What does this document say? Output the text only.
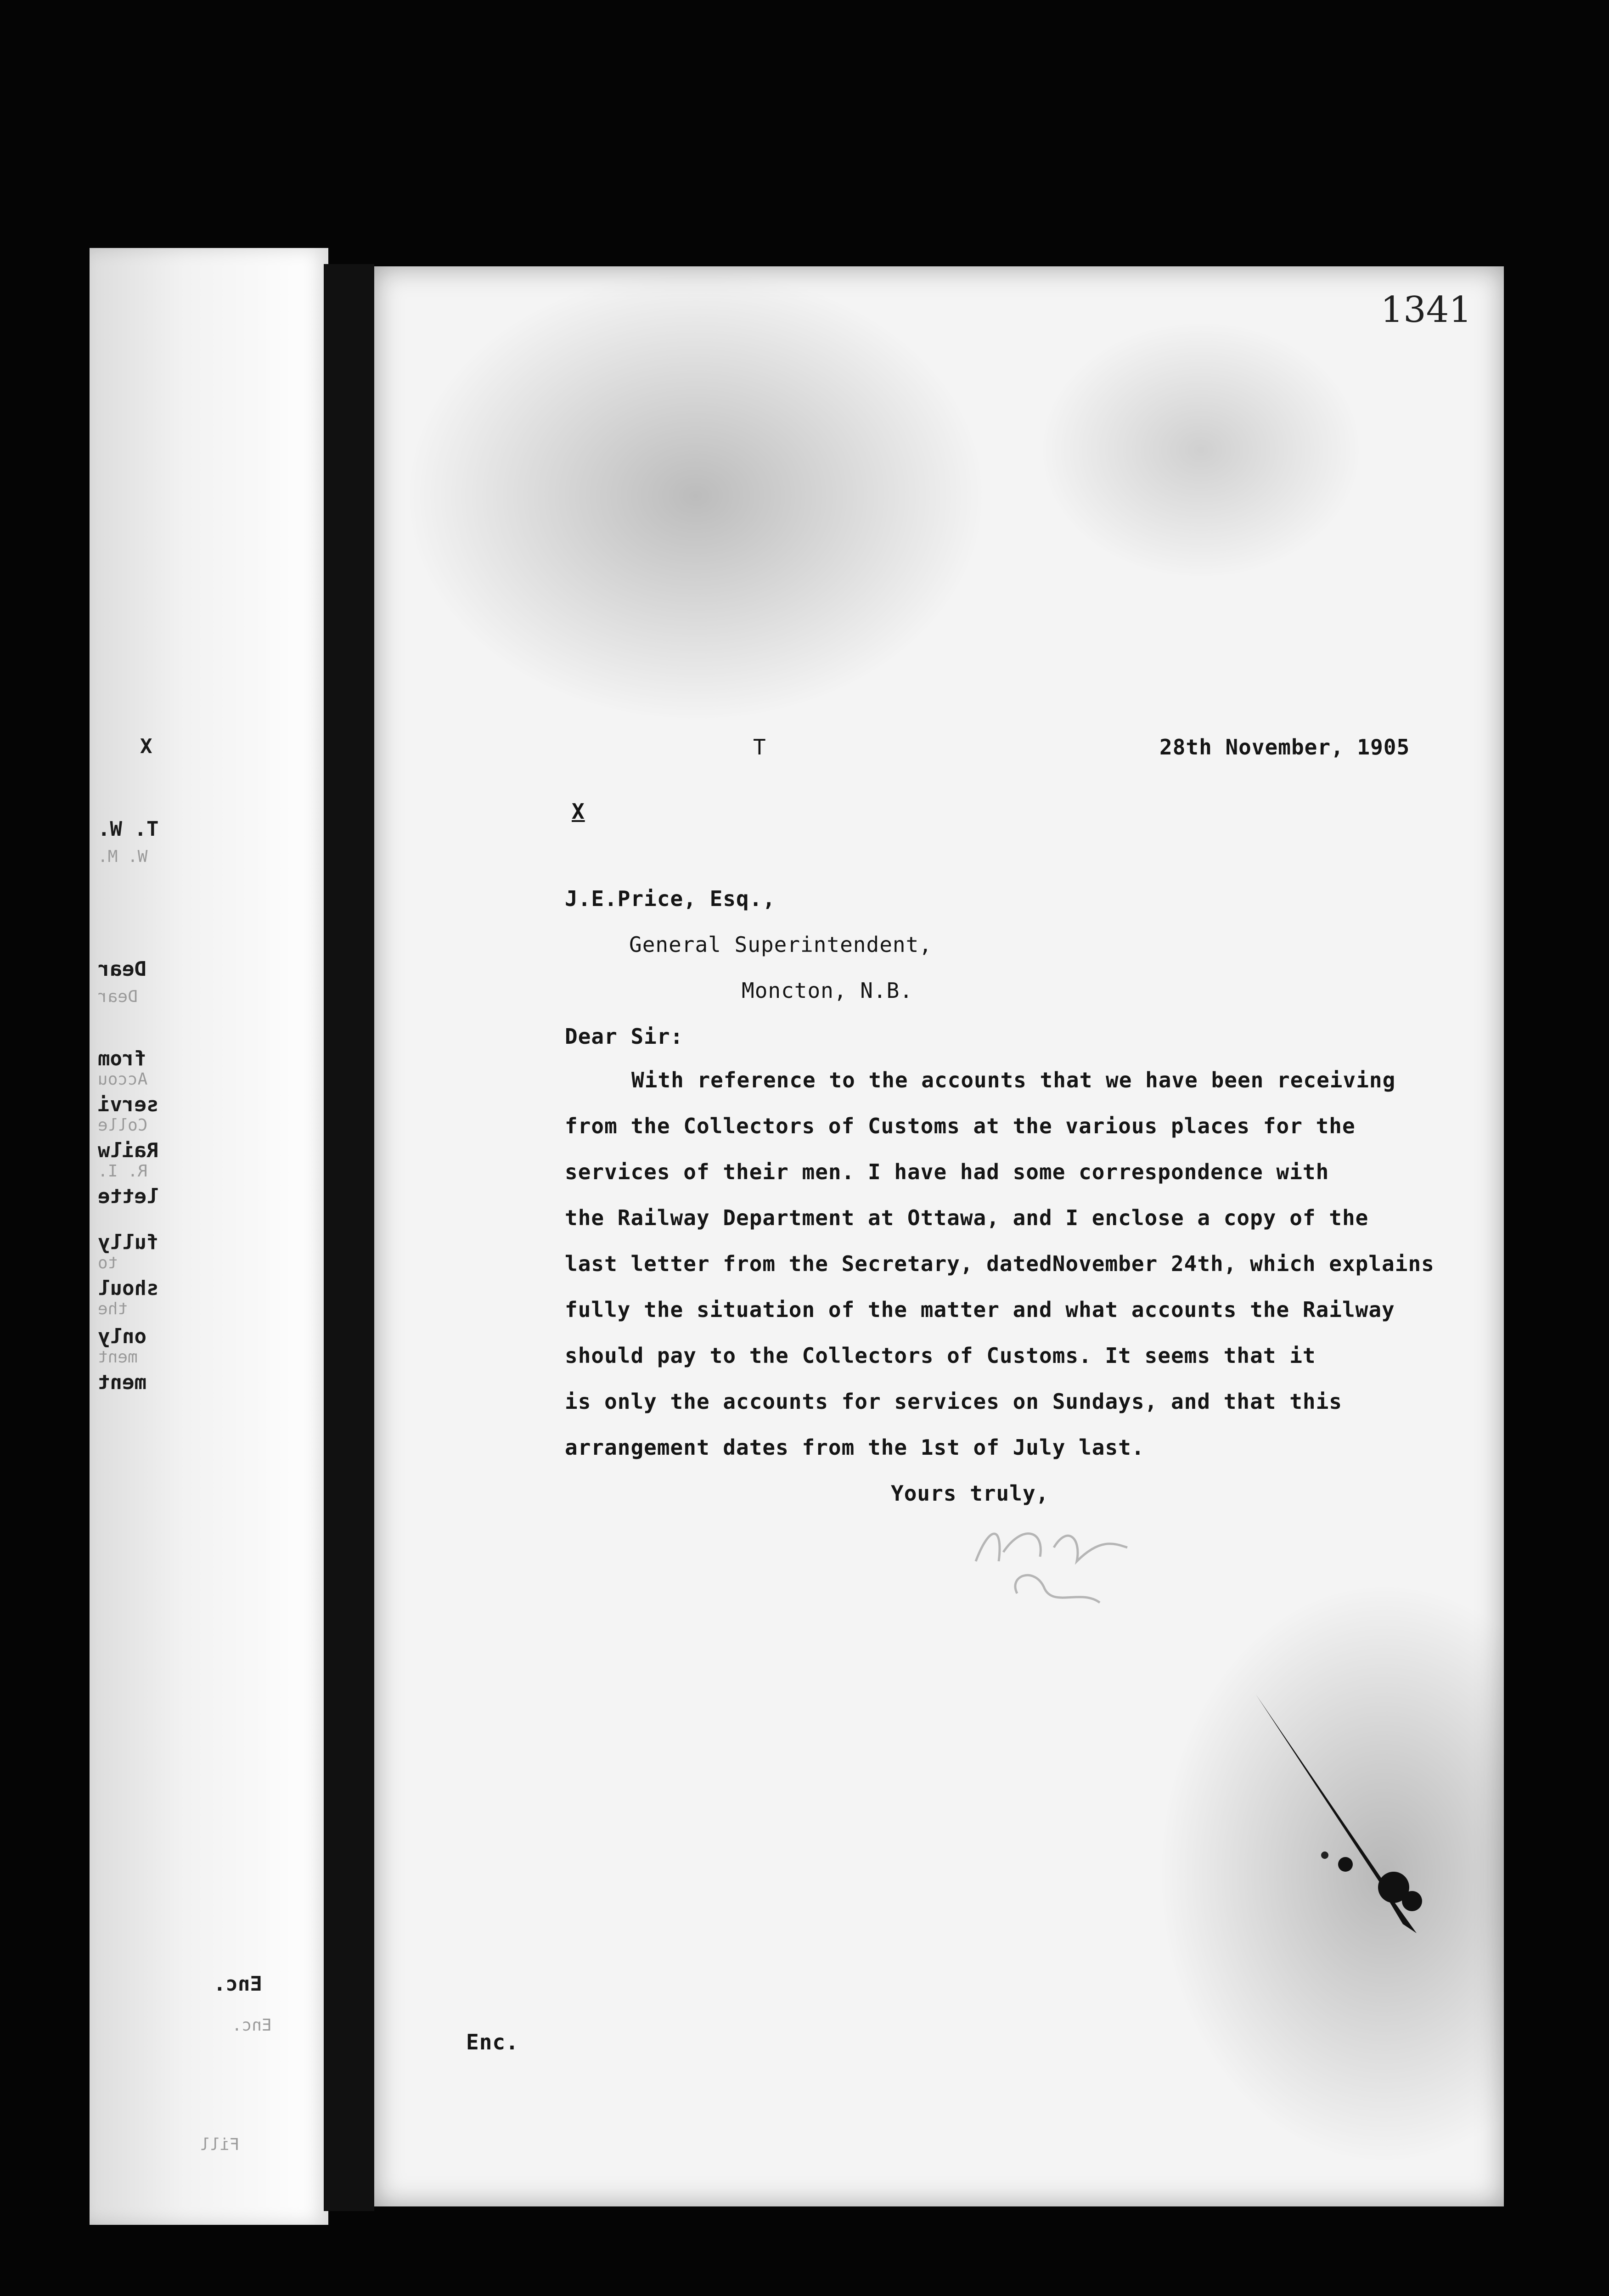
X
T. W.
W. M.
Dear
Dear
from
Accou
servi
Colle
Railw
R. I.
lette
fully
to
shoul
the
only
ment
ment
Enc.
Enc.
Fill
1341
T	28th November, 1905
X
J.E.Price, Esq.,
General Superintendent,
Moncton, N.B.
Dear Sir:
With reference to the accounts that we have been receiving
from the Collectors of Customs at the various places for the
services of their men. I have had some correspondence with
the Railway Department at Ottawa, and I enclose a copy of the
last letter from the Secretary, datedNovember 24th, which explains
fully the situation of the matter and what accounts the Railway
should pay to the Collectors of Customs. It seems that it
is only the accounts for services on Sundays, and that this
arrangement dates from the 1st of July last.
Yours truly,
Enc.
